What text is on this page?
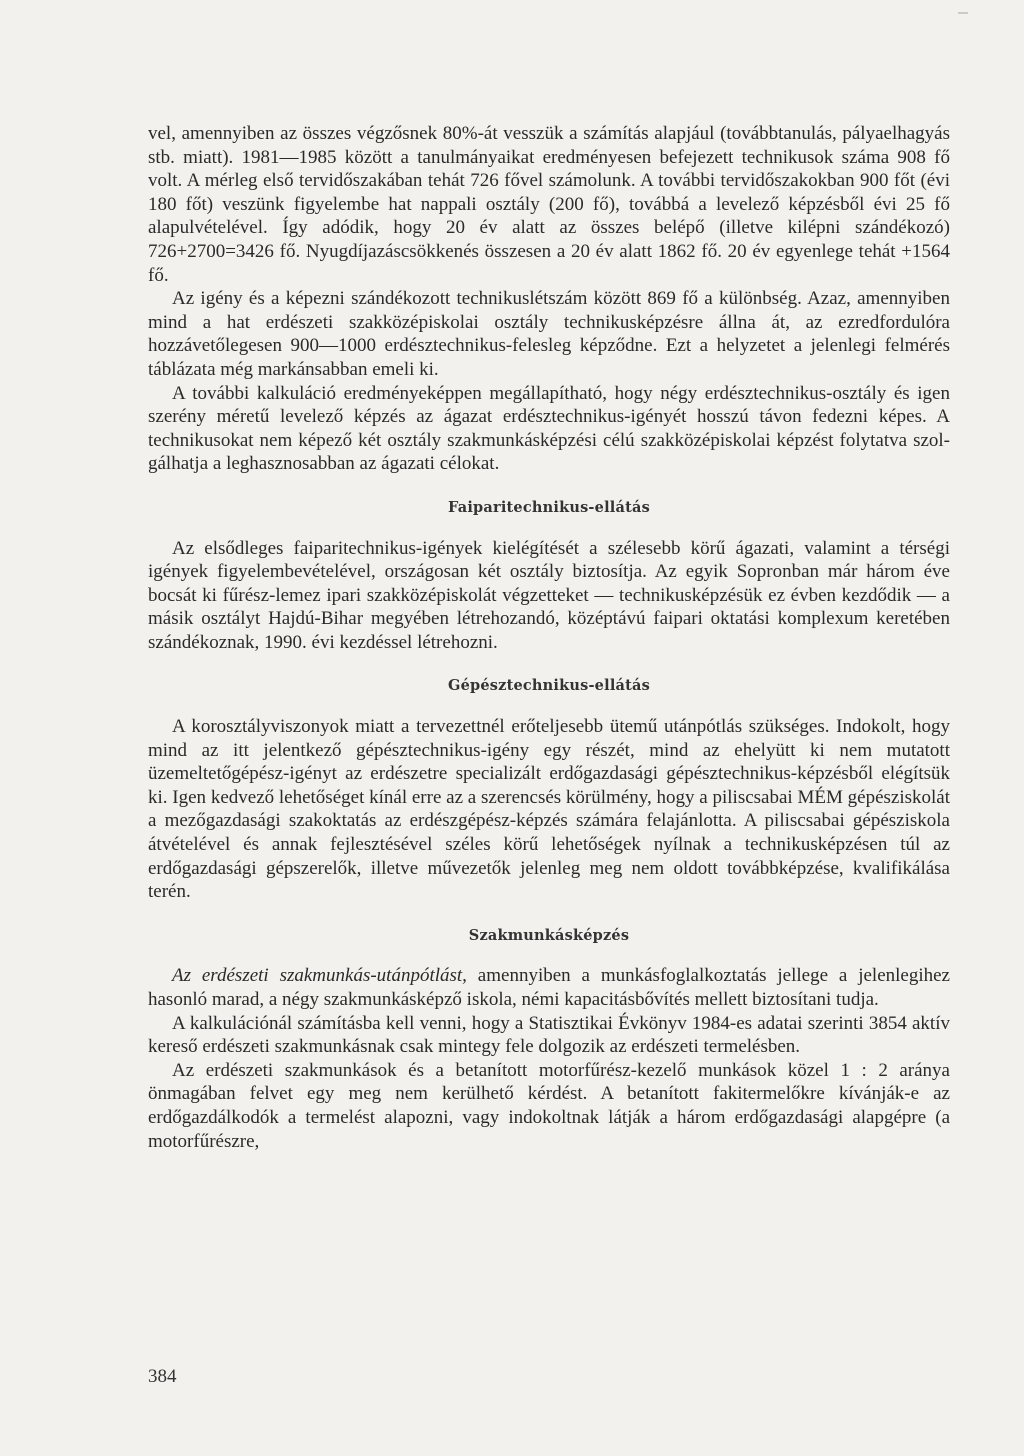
vel, amennyiben az összes végzősnek 80%-át vesszük a számítás alapjául (továbbtanulás, pályaelhagyás stb. miatt). 1981—1985 között a tanulmányaikat eredményesen befejezett technikusok száma 908 fő volt. A mérleg első tervidőszakában tehát 726 fővel számolunk. A további tervidőszakokban 900 főt (évi 180 főt) veszünk figyelembe hat nappali osztály (200 fő), továbbá a levelező képzésből évi 25 fő alapulvételével. Így adódik, hogy 20 év alatt az összes belépő (illetve kilépni szándékozó) 726+2700=3426 fő. Nyugdíjazáscsökkenés összesen a 20 év alatt 1862 fő. 20 év egyenlege tehát +1564 fő.

Az igény és a képezni szándékozott technikuslétszám között 869 fő a különbség. Azaz, amennyiben mind a hat erdészeti szakközépiskolai osztály technikusképzésre állna át, az ezredfordulóra hozzávetőlegesen 900—1000 erdésztechnikus-felesleg képződne. Ezt a helyzetet a jelenlegi felmérés táblázata még markánsabban emeli ki.

A további kalkuláció eredményeképpen megállapítható, hogy négy erdésztechnikus-osztály és igen szerény méretű levelező képzés az ágazat erdésztechnikus-igényét hosszú távon fedezni képes. A technikusokat nem képező két osztály szakmunkásképzési célú szakközépiskolai képzést folytatva szolgálhatja a leghasznosabban az ágazati célokat.

Faiparitechnikus-ellátás

Az elsődleges faiparitechnikus-igények kielégítését a szélesebb körű ágazati, valamint a térségi igények figyelembevételével, országosan két osztály biztosítja. Az egyik Sopronban már három éve bocsát ki fűrész-lemez ipari szakközépiskolát végzetteket — technikusképzésük ez évben kezdődik — a másik osztályt Hajdú-Bihar megyében létrehozandó, középtávú faipari oktatási komplexum keretében szándékoznak, 1990. évi kezdéssel létrehozni.

Gépésztechnikus-ellátás

A korosztályviszonyok miatt a tervezettnél erőteljesebb ütemű utánpótlás szükséges. Indokolt, hogy mind az itt jelentkező gépésztechnikus-igény egy részét, mind az ehelyütt ki nem mutatott üzemeltetőgépész-igényt az erdészetre specializált erdőgazdasági gépésztechnikus-képzésből elégítsük ki. Igen kedvező lehetőséget kínál erre az a szerencsés körülmény, hogy a piliscsabai MÉM gépésziskolát a mezőgazdasági szakoktatás az erdészgépész-képzés számára felajánlotta. A piliscsabai gépésziskola átvételével és annak fejlesztésével széles körű lehetőségek nyílnak a technikusképzésen túl az erdőgazdasági gépszerelők, illetve művezetők jelenleg meg nem oldott továbbképzése, kvalifikálása terén.

Szakmunkásképzés

Az erdészeti szakmunkás-utánpótlást, amennyiben a munkásfoglalkoztatás jellege a jelenlegihez hasonló marad, a négy szakmunkásképző iskola, némi kapacitásbővítés mellett biztosítani tudja.

A kalkulációnál számításba kell venni, hogy a Statisztikai Évkönyv 1984-es adatai szerinti 3854 aktív kereső erdészeti szakmunkásnak csak mintegy fele dolgozik az erdészeti termelésben.

Az erdészeti szakmunkások és a betanított motorfűrész-kezelő munkások közel 1 : 2 aránya önmagában felvet egy meg nem kerülhető kérdést. A betanított fakitermelőkre kívánják-e az erdőgazdálkodók a termelést alapozni, vagy indokoltnak látják a három erdőgazdasági alapgépre (a motorfűrészre,

384
